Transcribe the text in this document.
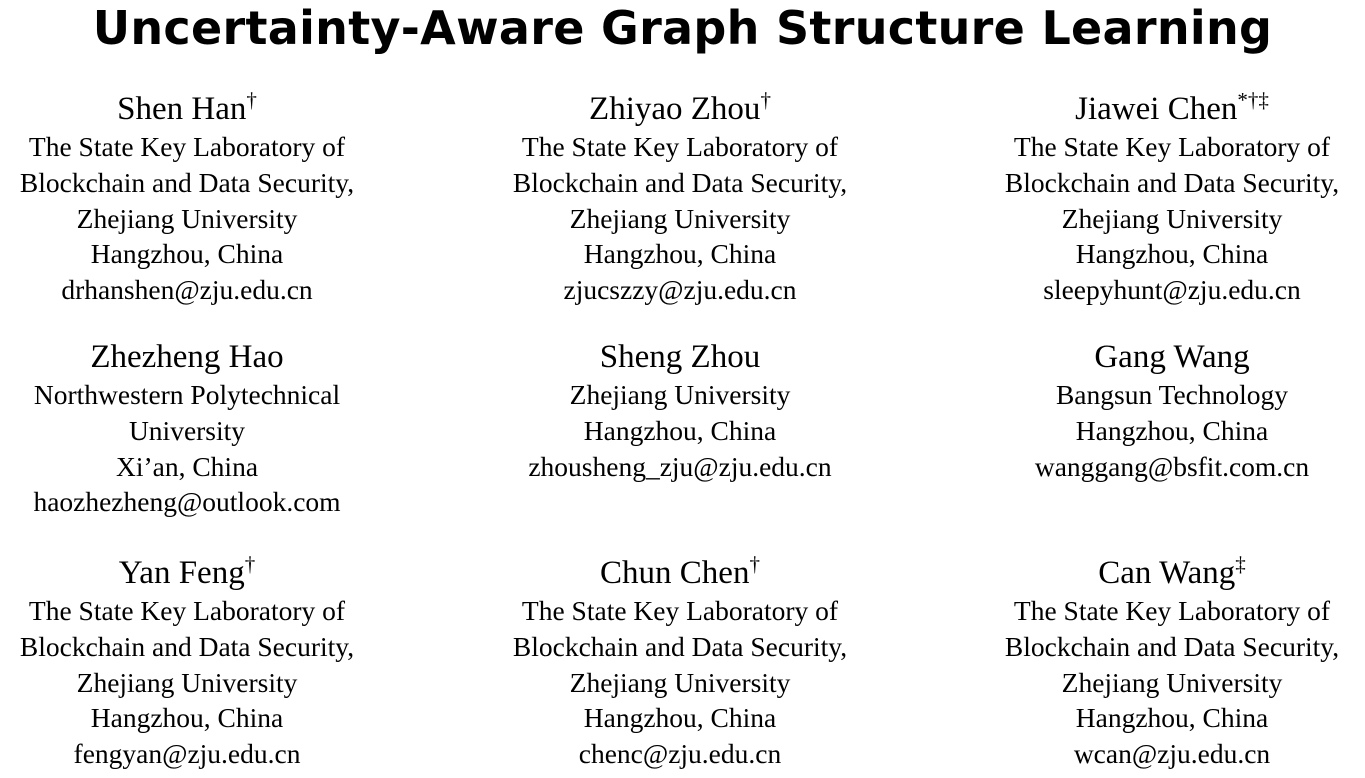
Uncertainty-Aware Graph Structure Learning
Shen Han†
The State Key Laboratory of
Blockchain and Data Security,
Zhejiang University
Hangzhou, China
drhanshen@zju.edu.cn
Zhiyao Zhou†
The State Key Laboratory of
Blockchain and Data Security,
Zhejiang University
Hangzhou, China
zjucszzy@zju.edu.cn
Jiawei Chen*†‡
The State Key Laboratory of
Blockchain and Data Security,
Zhejiang University
Hangzhou, China
sleepyhunt@zju.edu.cn
Zhezheng Hao
Northwestern Polytechnical
University
Xi’an, China
haozhezheng@outlook.com
Sheng Zhou
Zhejiang University
Hangzhou, China
zhousheng_zju@zju.edu.cn
Gang Wang
Bangsun Technology
Hangzhou, China
wanggang@bsfit.com.cn
Yan Feng†
The State Key Laboratory of
Blockchain and Data Security,
Zhejiang University
Hangzhou, China
fengyan@zju.edu.cn
Chun Chen†
The State Key Laboratory of
Blockchain and Data Security,
Zhejiang University
Hangzhou, China
chenc@zju.edu.cn
Can Wang‡
The State Key Laboratory of
Blockchain and Data Security,
Zhejiang University
Hangzhou, China
wcan@zju.edu.cn
